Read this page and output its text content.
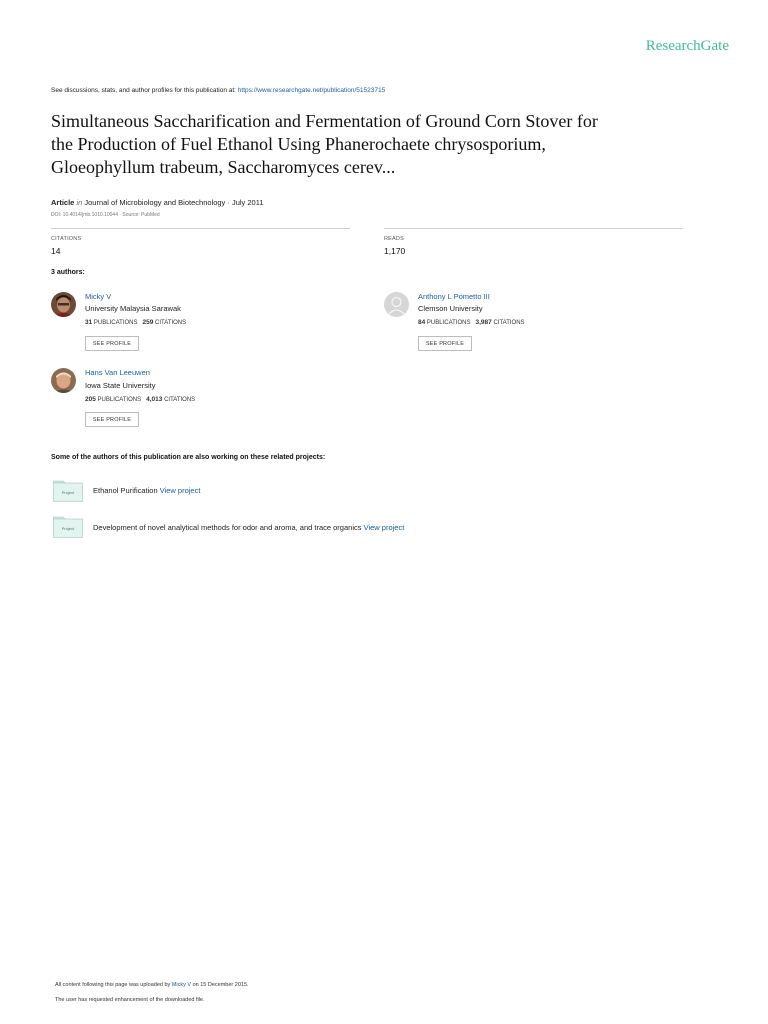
ResearchGate
See discussions, stats, and author profiles for this publication at: https://www.researchgate.net/publication/51523715
Simultaneous Saccharification and Fermentation of Ground Corn Stover for
the Production of Fuel Ethanol Using Phanerochaete chrysosporium,
Gloeophyllum trabeum, Saccharomyces cerev...
Article in Journal of Microbiology and Biotechnology · July 2011
DOI: 10.4014/jmb.1010.10044 · Source: PubMed
CITATIONS
14
READS
1,170
3 authors:
Micky V
University Malaysia Sarawak
31 PUBLICATIONS 259 CITATIONS
SEE PROFILE
Anthony L Pometto III
Clemson University
84 PUBLICATIONS 3,987 CITATIONS
SEE PROFILE
Hans Van Leeuwen
Iowa State University
205 PUBLICATIONS 4,013 CITATIONS
SEE PROFILE
Some of the authors of this publication are also working on these related projects:
Project	Ethanol Purification View project
Project	Development of novel analytical methods for odor and aroma, and trace organics View project
All content following this page was uploaded by Micky V on 15 December 2015.
The user has requested enhancement of the downloaded file.
